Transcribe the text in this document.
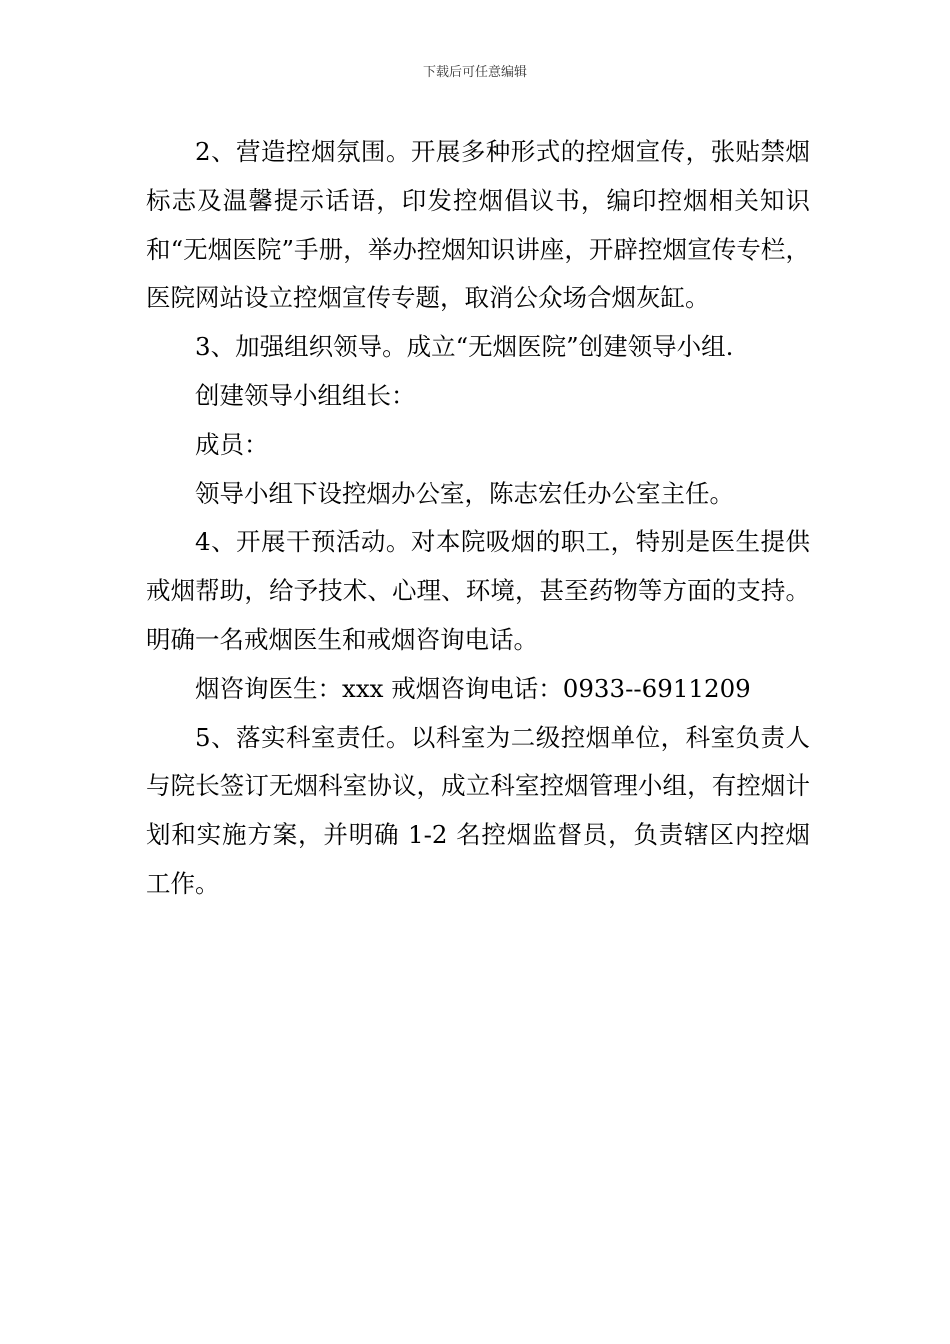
下载后可任意编辑

2、营造控烟氛围。开展多种形式的控烟宣传，张贴禁烟标志及温馨提示话语，印发控烟倡议书，编印控烟相关知识和“无烟医院”手册，举办控烟知识讲座，开辟控烟宣传专栏，医院网站设立控烟宣传专题，取消公众场合烟灰缸。

3、加强组织领导。成立“无烟医院”创建领导小组.

创建领导小组组长：

成员：

领导小组下设控烟办公室，陈志宏任办公室主任。

4、开展干预活动。对本院吸烟的职工，特别是医生提供戒烟帮助，给予技术、心理、环境，甚至药物等方面的支持。明确一名戒烟医生和戒烟咨询电话。

烟咨询医生：xxx 戒烟咨询电话：0933--6911209

5、落实科室责任。以科室为二级控烟单位，科室负责人与院长签订无烟科室协议，成立科室控烟管理小组，有控烟计划和实施方案，并明确 1-2 名控烟监督员，负责辖区内控烟工作。
